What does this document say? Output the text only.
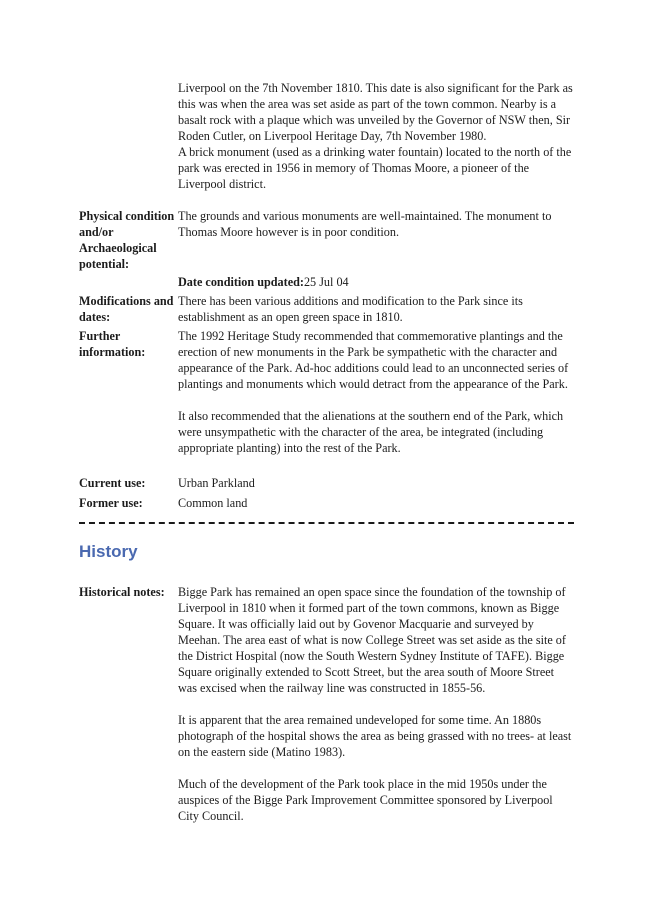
Liverpool on the 7th November 1810. This date is also significant for the Park as this was when the area was set aside as part of the town common. Nearby is a basalt rock with a plaque which was unveiled by the Governor of NSW then, Sir Roden Cutler, on Liverpool Heritage Day, 7th November 1980.

A brick monument (used as a drinking water fountain) located to the north of the park was erected in 1956 in memory of Thomas Moore, a pioneer of the Liverpool district.

Physical condition and/or Archaeological potential:
The grounds and various monuments are well-maintained. The monument to Thomas Moore however is in poor condition.
Date condition updated:25 Jul 04
Modifications and dates:
There has been various additions and modification to the Park since its establishment as an open green space in 1810.
Further information:

The 1992 Heritage Study recommended that commemorative plantings and the erection of new monuments in the Park be sympathetic with the character and appearance of the Park. Ad-hoc additions could lead to an unconnected series of plantings and monuments which would detract from the appearance of the Park.

It also recommended that the alienations at the southern end of the Park, which were unsympathetic with the character of the area, be integrated (including appropriate planting) into the rest of the Park.

Current use:	Urban Parkland
Former use:	Common land
History
Historical notes:	Bigge Park has remained an open space since the foundation of the township of Liverpool in 1810 when it formed part of the town commons, known as Bigge Square. It was officially laid out by Govenor Macquarie and surveyed by Meehan. The area east of what is now College Street was set aside as the site of the District Hospital (now the South Western Sydney Institute of TAFE). Bigge Square originally extended to Scott Street, but the area south of Moore Street was excised when the railway line was constructed in 1855-56.

It is apparent that the area remained undeveloped for some time. An 1880s photograph of the hospital shows the area as being grassed with no trees- at least on the eastern side (Matino 1983).

Much of the development of the Park took place in the mid 1950s under the auspices of the Bigge Park Improvement Committee sponsored by Liverpool City Council.
